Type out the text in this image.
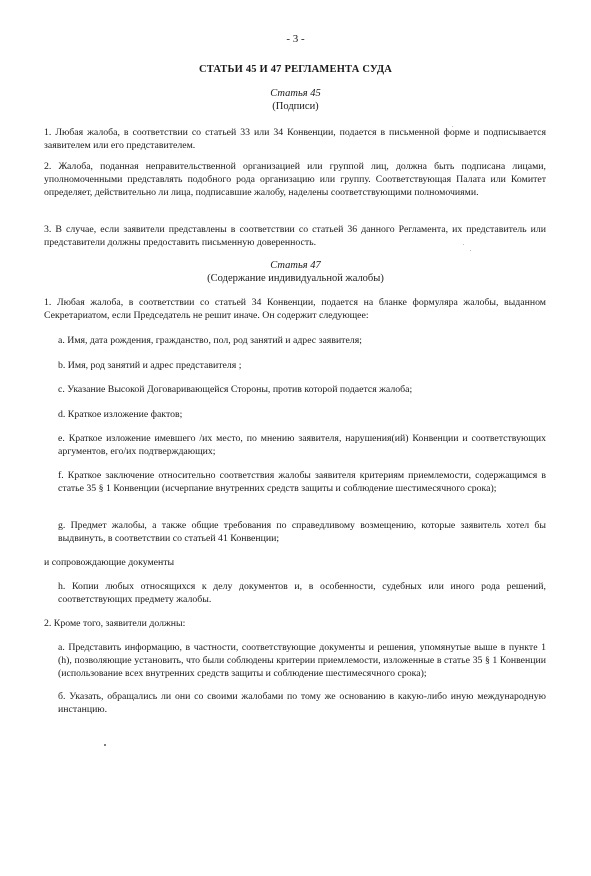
- 3 -
СТАТЬИ 45 И 47 РЕГЛАМЕНТА СУДА
Статья 45
(Подписи)
1. Любая жалоба, в соответствии со статьей 33 или 34 Конвенции, подается в письменной форме и подписывается заявителем или его представителем.
2. Жалоба, поданная неправительственной организацией или группой лиц, должна быть подписана лицами, уполномоченными представлять подобного рода организацию или группу. Соответствующая Палата или Комитет определяет, действительно ли лица, подписавшие жалобу, наделены соответствующими полномочиями.
3. В случае, если заявители представлены в соответствии со статьей 36 данного Регламента, их представитель или представители должны предоставить письменную доверенность.
Статья 47
(Содержание индивидуальной жалобы)
1. Любая жалоба, в соответствии со статьей 34 Конвенции, подается на бланке формуляра жалобы, выданном Секретариатом, если Председатель не решит иначе. Он содержит следующее:
a. Имя, дата рождения, гражданство, пол, род занятий и адрес заявителя;
b. Имя, род занятий и адрес представителя ;
c. Указание Высокой Договаривающейся Стороны, против которой подается жалоба;
d. Краткое изложение фактов;
e. Краткое изложение имевшего /их место, по мнению заявителя, нарушения(ий) Конвенции и соответствующих аргументов, его/их подтверждающих;
f. Краткое заключение относительно соответствия жалобы заявителя критериям приемлемости, содержащимся в статье 35 § 1 Конвенции (исчерпание внутренних средств защиты и соблюдение шестимесячного срока);
g. Предмет жалобы, а также общие требования по справедливому возмещению, которые заявитель хотел бы выдвинуть, в соответствии со статьей 41 Конвенции;
и сопровождающие документы
h. Копии любых относящихся к делу документов и, в особенности, судебных или иного рода решений, соответствующих предмету жалобы.
2. Кроме того, заявители должны:
a. Представить информацию, в частности, соответствующие документы и решения, упомянутые выше в пункте 1 (h), позволяющие установить, что были соблюдены критерии приемлемости, изложенные в статье 35 § 1 Конвенции (использование всех внутренних средств защиты и соблюдение шестимесячного срока);
б. Указать, обращались ли они со своими жалобами по тому же основанию в какую-либо иную международную инстанцию.
